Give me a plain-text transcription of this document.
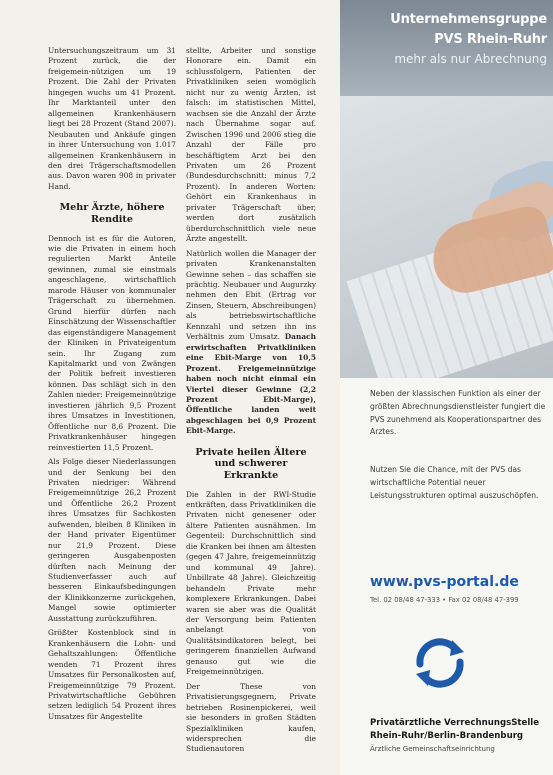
Untersuchungszeitraum um 31 Prozent zurück, die der freigemein-nützigen um 19 Prozent. Die Zahl der Privaten hingegen wuchs um 41 Prozent. Ihr Marktanteil unter den allgemeinen Krankenhäusern liegt bei 28 Prozent (Stand 2007). Neubauten und Ankäufe gingen in ihrer Untersuchung von 1.017 allgemeinen Krankenhäusern in den drei Trägerschaftsmodellen aus. Davon waren 908 in privater Hand.

Mehr Ärzte, höhere Rendite

Dennoch ist es für die Autoren, wie die Privaten in einem hoch regulierten Markt Anteile gewinnen, zumal sie einstmals angeschlagene, wirtschaftlich marode Häuser von kommunaler Trägerschaft zu übernehmen. Grund hierfür dürfen nach Einschätzung der Wissenschaftler das eigenständigere Management der Kliniken in Privateigentum sein. Ihr Zugang zum Kapitalmarkt und von Zwängen der Politik befreit investieren können. Das schlägt sich in den Zahlen nieder: Freigemeinnützige investieren jährlich 9,5 Prozent ihres Umsatzes in Investitionen, Öffentliche nur 8,6 Prozent. Die Privatkrankenhäuser hingegen reinvestierten 11,5 Prozent.

Als Folge dieser Niederlassungen und der Senkung bei den Privaten niedriger: Während Freigemeinnützige 26,2 Prozent und Öffentliche 26,2 Prozent ihres Umsatzes für Sachkosten aufwenden, bleiben 8 Kliniken in der Hand privater Eigentümer nur 21,9 Prozent. Diese geringeren Ausgabenposten dürften nach Meinung der Studienverfasser auch auf besseren Einkaufsbedingungen der Klinikkonzerne zurückgehen, Mangel sowie optimierter Ausstattung zurückzuführen.

Größter Kostenblock sind in Krankenhäusern die Lohn- und Gehaltszahlungen: Öffentliche wenden 71 Prozent ihres Umsatzes für Personalkosten auf, Freigemeinnützige 79 Prozent. Privatwirtschaftliche Gebühren setzen lediglich 54 Prozent ihres Umsatzes für Angestellte

stellte, Arbeiter und sonstige Honorare ein. Damit ein schlussfolgern, Patienten der Privatkliniken seien womöglich nicht nur zu wenig Ärzten, ist falsch: im statistischen Mittel, wachsen sie die Anzahl der Ärzte nach Übernahme sogar auf. Zwischen 1996 und 2006 stieg die Anzahl der Fälle pro beschäftigtem Arzt bei den Privaten um 26 Prozent (Bundesdurchschnitt: minus 7,2 Prozent). In anderen Worten: Gehört ein Krankenhaus in privater Trägerschaft über, werden dort zusätzlich überdurchschnittlich viele neue Ärzte angestellt.

Natürlich wollen die Manager der privaten Krankenanstalten Gewinne sehen – das schaffen sie prächtig. Neubauer und Augurzky nehmen den Ebit (Ertrag vor Zinsen, Steuern, Abschreibungen) als betriebswirtschaftliche Kennzahl und setzen ihn ins Verhältnis zum Umsatz. Danach erwirtschaften Privatkliniken eine Ebit-Marge von 10,5 Prozent. Freigemeinnützige haben noch nicht einmal ein Viertel dieser Gewinne (2,2 Prozent Ebit-Marge), Öffentliche landen weit abgeschlagen bei 0,9 Prozent Ebit-Marge.

Private heilen Ältere und schwerer Erkrankte

Die Zahlen in der RWI-Studie entkräften, dass Privatkliniken die Privaten nicht genesener oder ältere Patienten ausnähmen. Im Gegenteil: Durchschnittlich sind die Kranken bei ihnen am ältesten (gegen 47 Jahre, freigemeinnützig und kommunal 49 Jahre). Unbillrate 48 Jahre). Gleichzeitig behandeln Private mehr komplexere Erkrankungen. Dabei waren sie aber was die Qualität der Versorgung beim Patienten anbelangt von Qualitätsindikatoren belegt, bei geringerem finanziellen Aufwand genauso gut wie die Freigemeinnützigen.

Der These von Privatisierungsgegnern, Private betrieben Rosinenpickerei, weil sie besonders in großen Städten Spezialkliniken kaufen, widersprechen die Studienautoren

Unternehmensgruppe
PVS Rhein-Ruhr
mehr als nur Abrechnung
Neben der klassischen Funktion als einer der größten Abrechnungsdienstleister fungiert die PVS zunehmend als Kooperationspartner des Arztes.
Nutzen Sie die Chance, mit der PVS das wirtschaftliche Potential neuer Leistungsstrukturen optimal auszuschöpfen.
www.pvs-portal.de
Tel. 02 08/48 47-333 • Fax 02 08/48 47-399
Privatärztliche VerrechnungsStelle
Rhein-Ruhr/Berlin-Brandenburg
Ärztliche Gemeinschaftseinrichtung
